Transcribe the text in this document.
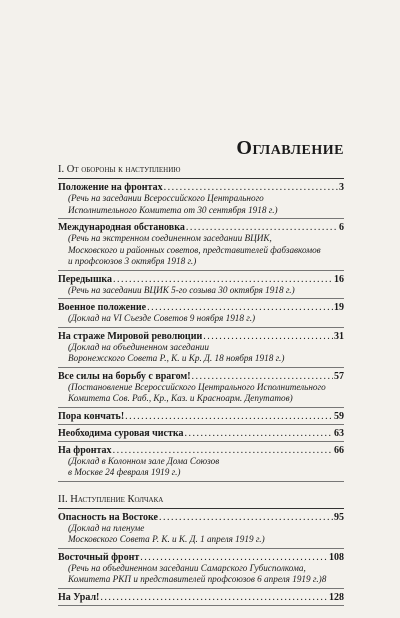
Оглавление
I. От обороны к наступлению
Положение на фронтах .....	3
(Речь на заседании Всероссийского Центрального
Исполнительного Комитета от 30 сентября 1918 г.)
Международная обстановка .....	6
(Речь на экстренном соединенном заседании ВЦИК,
Московского и районных советов, представителей фабзавкомов
и профсоюзов 3 октября 1918 г.)
Передышка .....	16
(Речь на заседании ВЦИК 5-го созыва 30 октября 1918 г.)
Военное положение .....	19
(Доклад на VI Съезде Советов 9 ноября 1918 г.)
На страже Мировой революции .....	31
(Доклад на объединенном заседании
Воронежского Совета Р., К. и Кр. Д. 18 ноября 1918 г.)
Все силы на борьбу с врагом! .....	57
(Постановление Всероссийского Центрального Исполнительного
Комитета Сов. Раб., Кр., Каз. и Красноарм. Депутатов)
Пора кончать! .....	59
Необходима суровая чистка .....	63
На фронтах .....	66
(Доклад в Колонном зале Дома Союзов
в Москве 24 февраля 1919 г.)
II. Наступление Колчака
Опасность на Востоке .....	95
(Доклад на пленуме
Московского Совета Р. К. и К. Д. 1 апреля 1919 г.)
Восточный фронт .....	108
(Речь на объединенном заседании Самарского Губисполкома,
Комитета РКП и представителей профсоюзов 6 апреля 1919 г.)8
На Урал! .....	128
